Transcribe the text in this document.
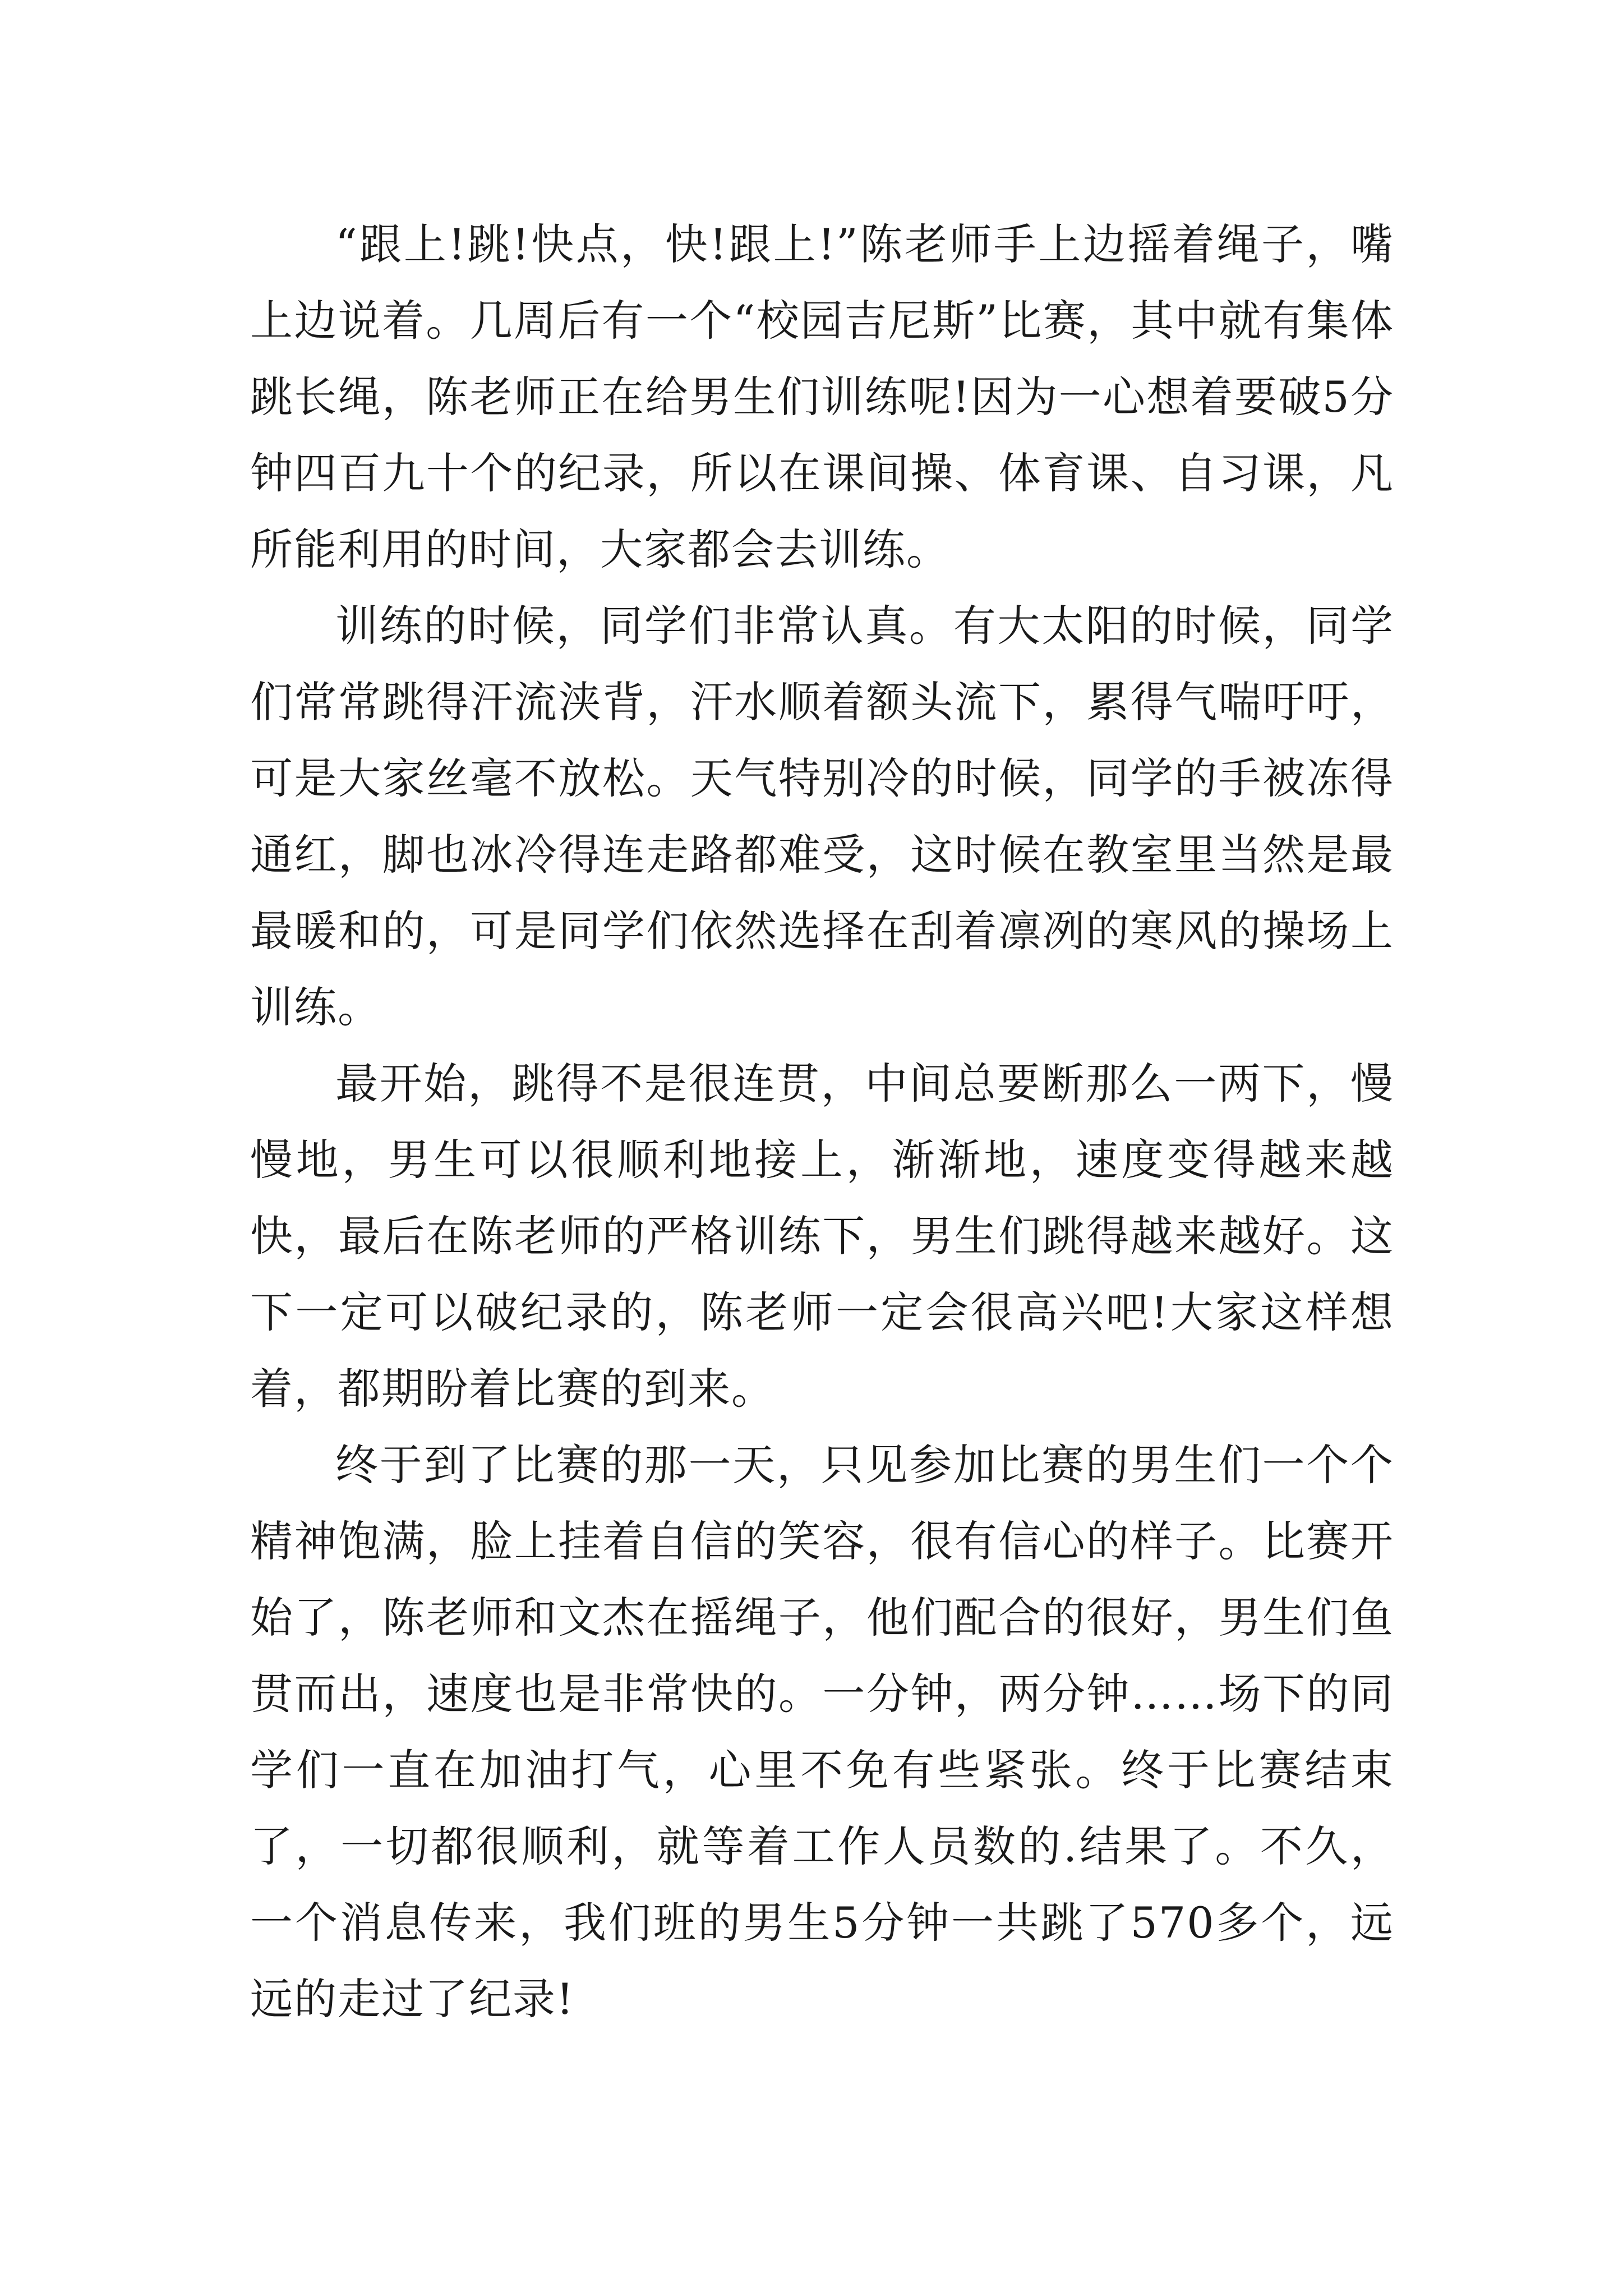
“跟上!跳!快点，快!跟上!”陈老师手上边摇着绳子，嘴上边说着。几周后有一个“校园吉尼斯”比赛，其中就有集体跳长绳，陈老师正在给男生们训练呢!因为一心想着要破5分钟四百九十个的纪录，所以在课间操、体育课、自习课，凡所能利用的时间，大家都会去训练。

训练的时候，同学们非常认真。有大太阳的时候，同学们常常跳得汗流浃背，汗水顺着额头流下，累得气喘吁吁，可是大家丝毫不放松。天气特别冷的时候，同学的手被冻得通红，脚也冰冷得连走路都难受，这时候在教室里当然是最最暖和的，可是同学们依然选择在刮着凛冽的寒风的操场上训练。

最开始，跳得不是很连贯，中间总要断那么一两下，慢慢地，男生可以很顺利地接上，渐渐地，速度变得越来越快，最后在陈老师的严格训练下，男生们跳得越来越好。这下一定可以破纪录的，陈老师一定会很高兴吧!大家这样想着，都期盼着比赛的到来。

终于到了比赛的那一天，只见参加比赛的男生们一个个精神饱满，脸上挂着自信的笑容，很有信心的样子。比赛开始了，陈老师和文杰在摇绳子，他们配合的很好，男生们鱼贯而出，速度也是非常快的。一分钟，两分钟……场下的同学们一直在加油打气，心里不免有些紧张。终于比赛结束了，一切都很顺利，就等着工作人员数的.结果了。不久，一个消息传来，我们班的男生5分钟一共跳了570多个，远远的走过了纪录!
